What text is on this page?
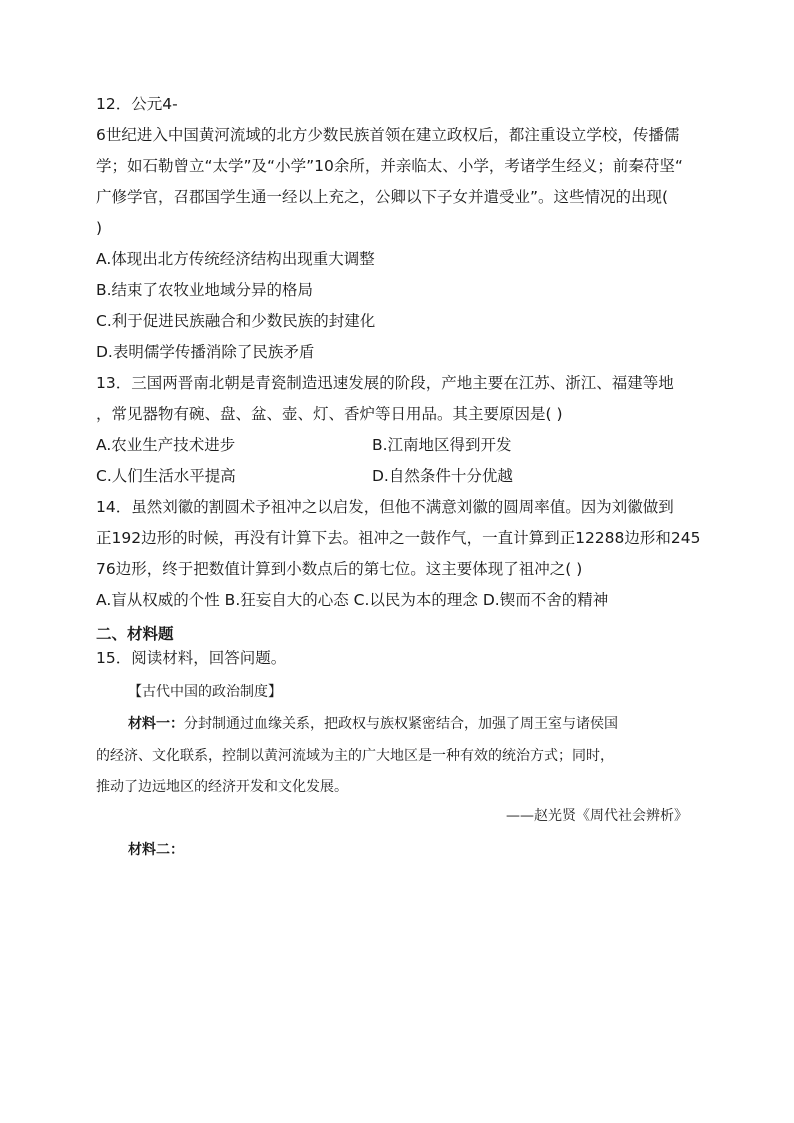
12．公元4-
6世纪进入中国黄河流域的北方少数民族首领在建立政权后，都注重设立学校，传播儒
学；如石勒曾立“太学”及“小学”10余所，并亲临太、小学，考诸学生经义；前秦苻坚“
广修学官，召郡国学生通一经以上充之，公卿以下子女并遣受业”。这些情况的出现(
)
A.体现出北方传统经济结构出现重大调整
B.结束了农牧业地域分异的格局
C.利于促进民族融合和少数民族的封建化
D.表明儒学传播消除了民族矛盾
13．三国两晋南北朝是青瓷制造迅速发展的阶段，产地主要在江苏、浙江、福建等地
，常见器物有碗、盘、盆、壶、灯、香炉等日用品。其主要原因是( )
A.农业生产技术进步	B.江南地区得到开发
C.人们生活水平提高	D.自然条件十分优越
14．虽然刘徽的割圆术予祖冲之以启发，但他不满意刘徽的圆周率值。因为刘徽做到
正192边形的时候，再没有计算下去。祖冲之一鼓作气，一直计算到正12288边形和245
76边形，终于把数值计算到小数点后的第七位。这主要体现了祖冲之( )
A.盲从权威的个性 B.狂妄自大的心态 C.以民为本的理念 D.锲而不舍的精神
二、材料题
15．阅读材料，回答问题。
【古代中国的政治制度】
材料一：分封制通过血缘关系，把政权与族权紧密结合，加强了周王室与诸侯国
的经济、文化联系，控制以黄河流域为主的广大地区是一种有效的统治方式；同时，
推动了边远地区的经济开发和文化发展。
——赵光贤《周代社会辨析》
材料二：
